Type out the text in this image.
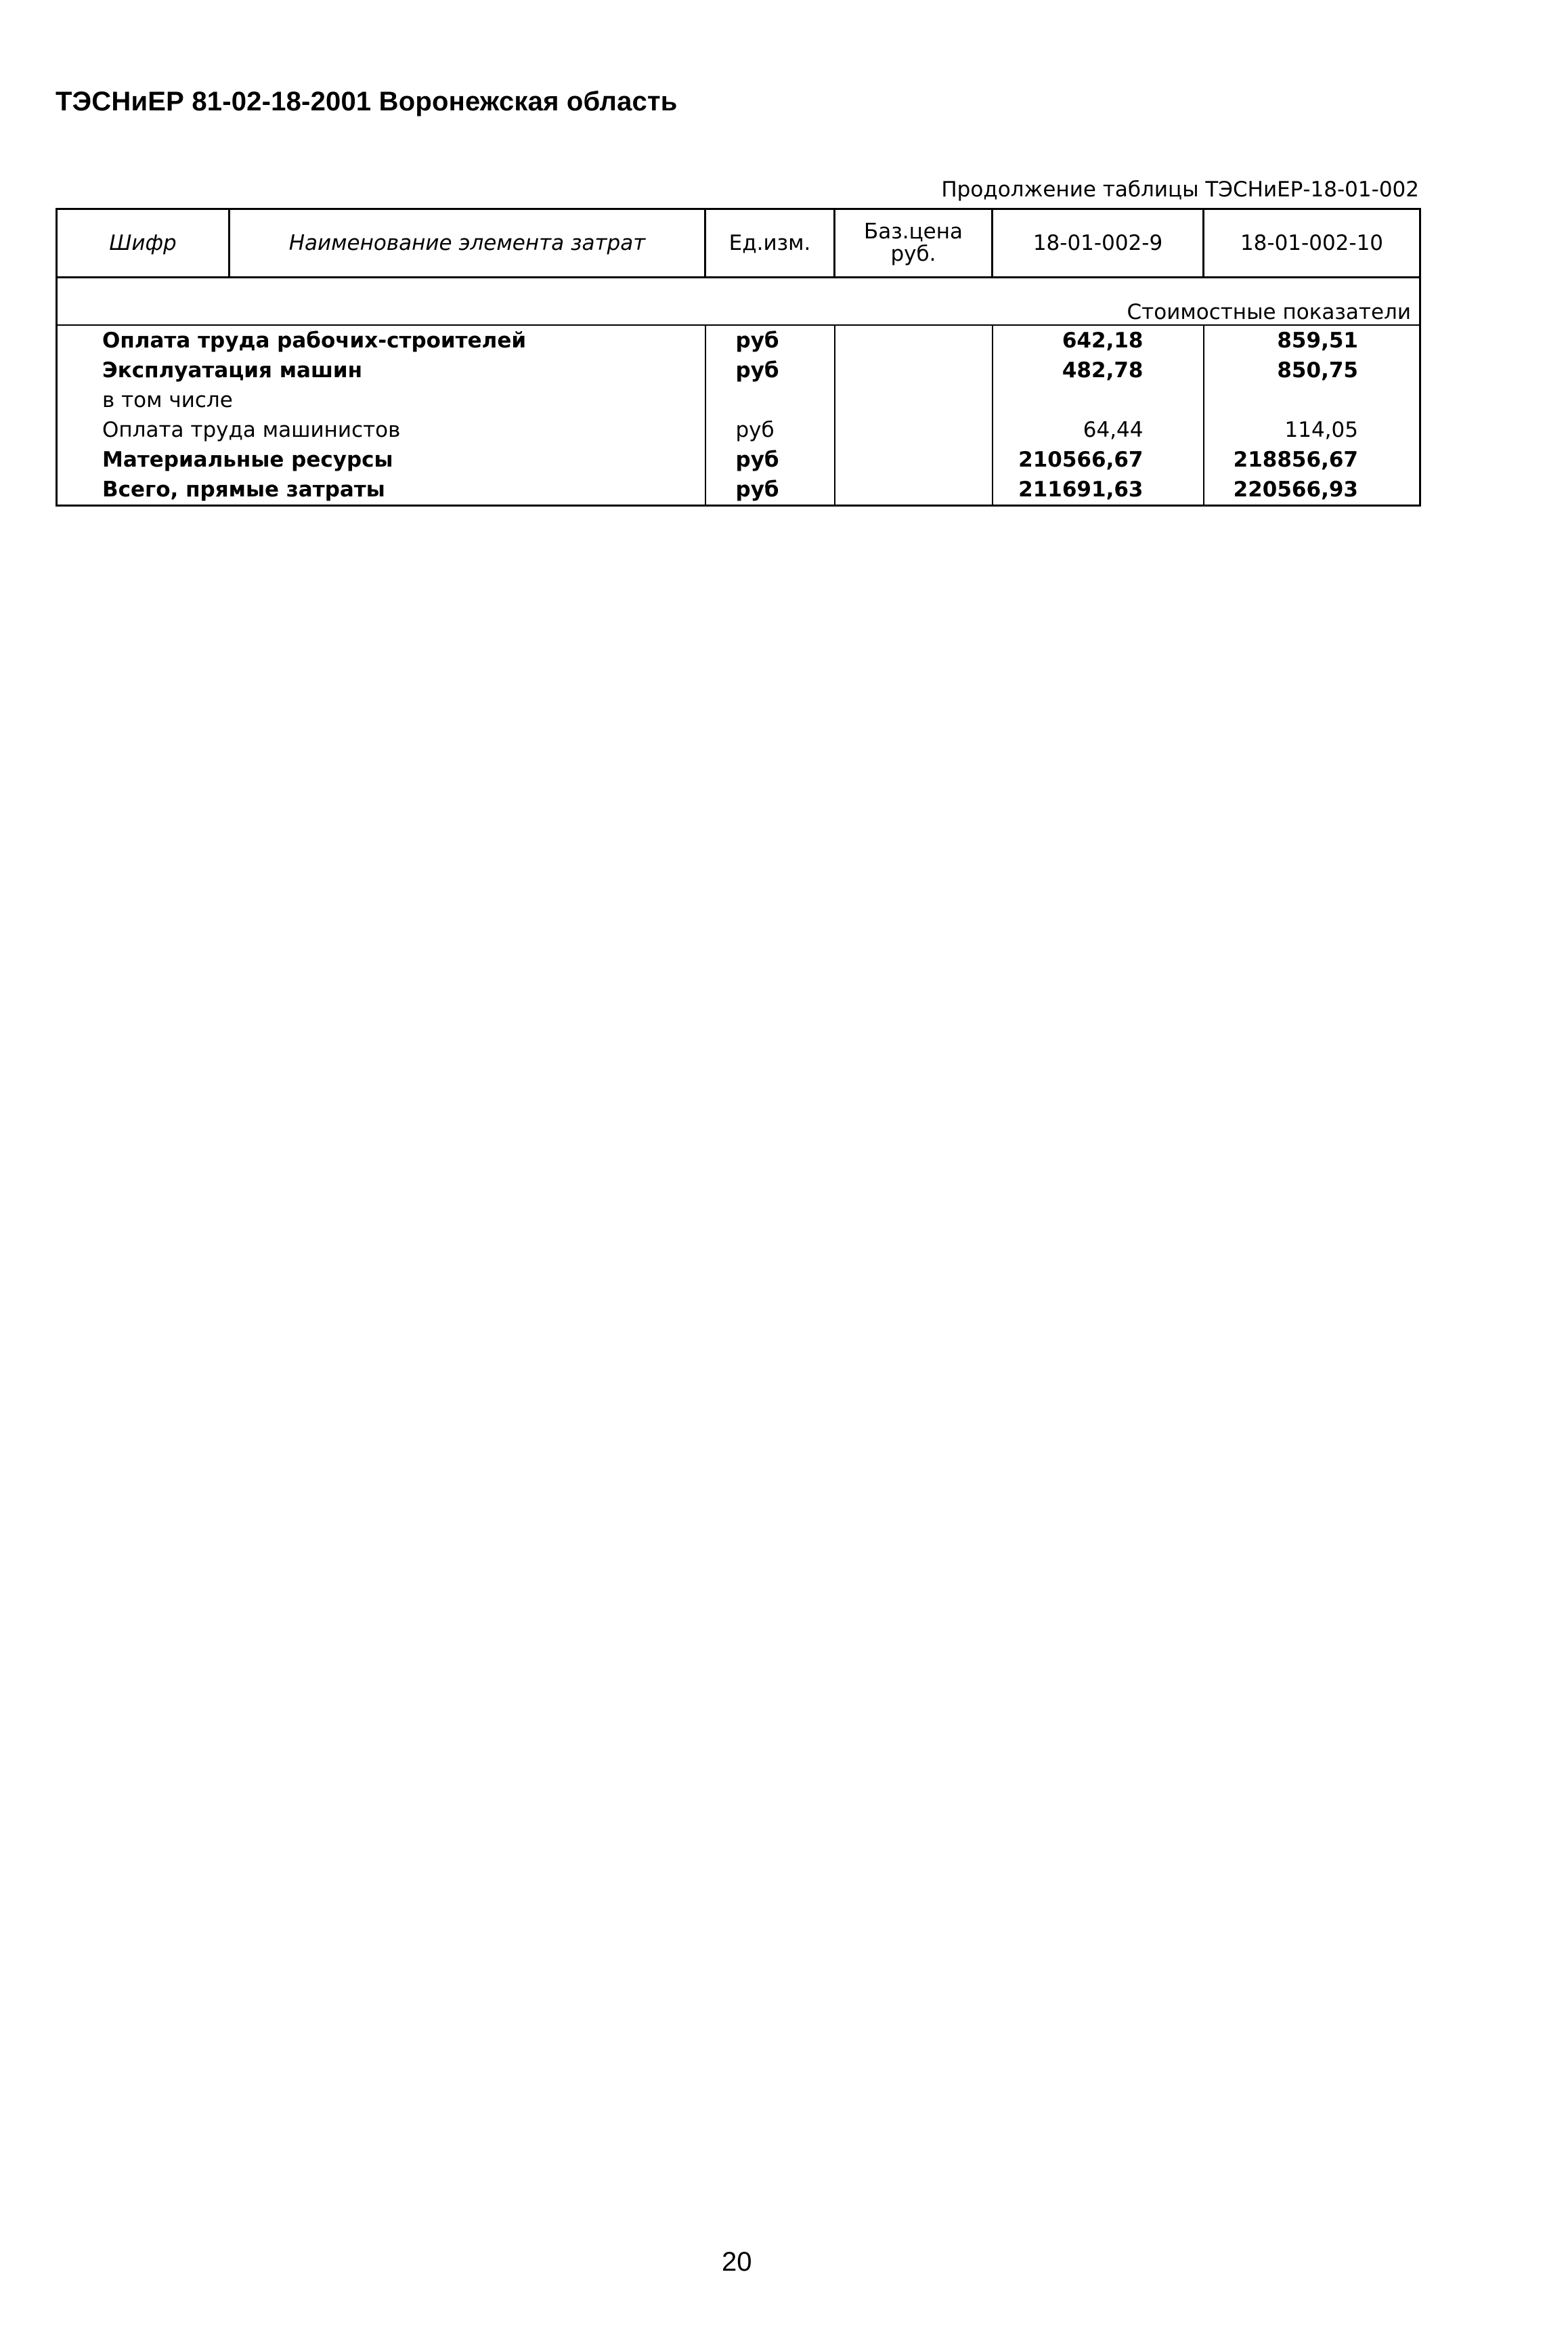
ТЭСНиЕР 81-02-18-2001 Воронежская область
Продолжение таблицы ТЭСНиЕР-18-01-002
Шифр	Наименование элемента затрат	Ед.изм.	Баз.цена руб.	18-01-002-9	18-01-002-10

Стоимостные показатели					
Оплата труда рабочих-строителей		руб		642,18	859,51
Эксплуатация машин		руб		482,78	850,75
в том числе					
Оплата труда машинистов		руб		64,44	114,05
Материальные ресурсы		руб		210566,67	218856,67
Всего, прямые затраты		руб		211691,63	220566,93
20
